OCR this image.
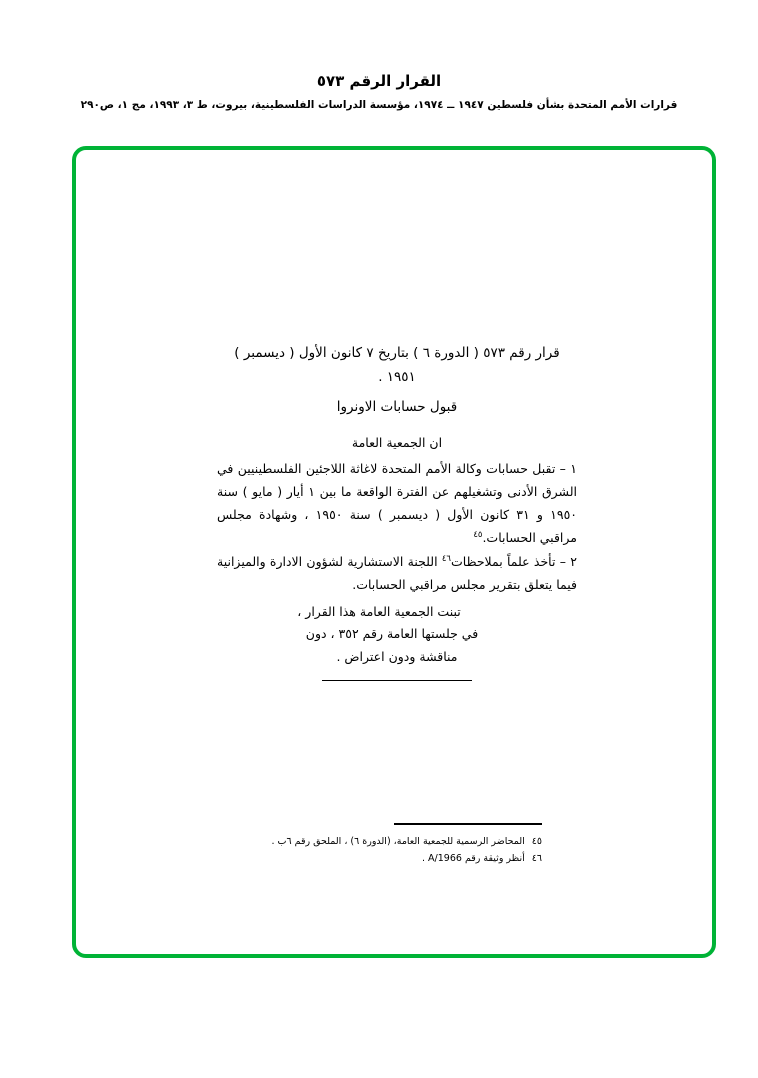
القرار الرقم ٥٧٣

قرارات الأمم المتحدة بشأن فلسطين ١٩٤٧ ــ ١٩٧٤، مؤسسة الدراسات الفلسطينية، بيروت، ط ٣، ١٩٩٣، مج ١، ص٢٩٠

قرار رقم ٥٧٣ ( الدورة ٦ ) بتاريخ ٧ كانون الأول ( ديسمبر )
١٩٥١ .
قبول حسابات الاونروا
ان الجمعية العامة

١ – تقبل حسابات وكالة الأمم المتحدة لاغاثة اللاجئين الفلسطينيين في الشرق الأدنى وتشغيلهم عن الفترة الواقعة ما بين ١ أيار ( مايو ) سنة ١٩٥٠ و ٣١ كانون الأول ( ديسمبر ) سنة ١٩٥٠ ، وشهادة مجلس مراقبي الحسابات.$^{٤٥}$

٢ – تأخذ علماً بملاحظات$^{٤٦}$ اللجنة الاستشارية لشؤون الادارة والميزانية فيما يتعلق بتقرير مجلس مراقبي الحسابات.

تبنت الجمعية العامة هذا القرار ،
في جلستها العامة رقم ٣٥٢ ، دون
مناقشة ودون اعتراض .

٤٥ المحاضر الرسمية للجمعية العامة، (الدورة ٦) ، الملحق رقم ٦ب .

٤٦ أنظر وثيقة رقم A/1966 .
